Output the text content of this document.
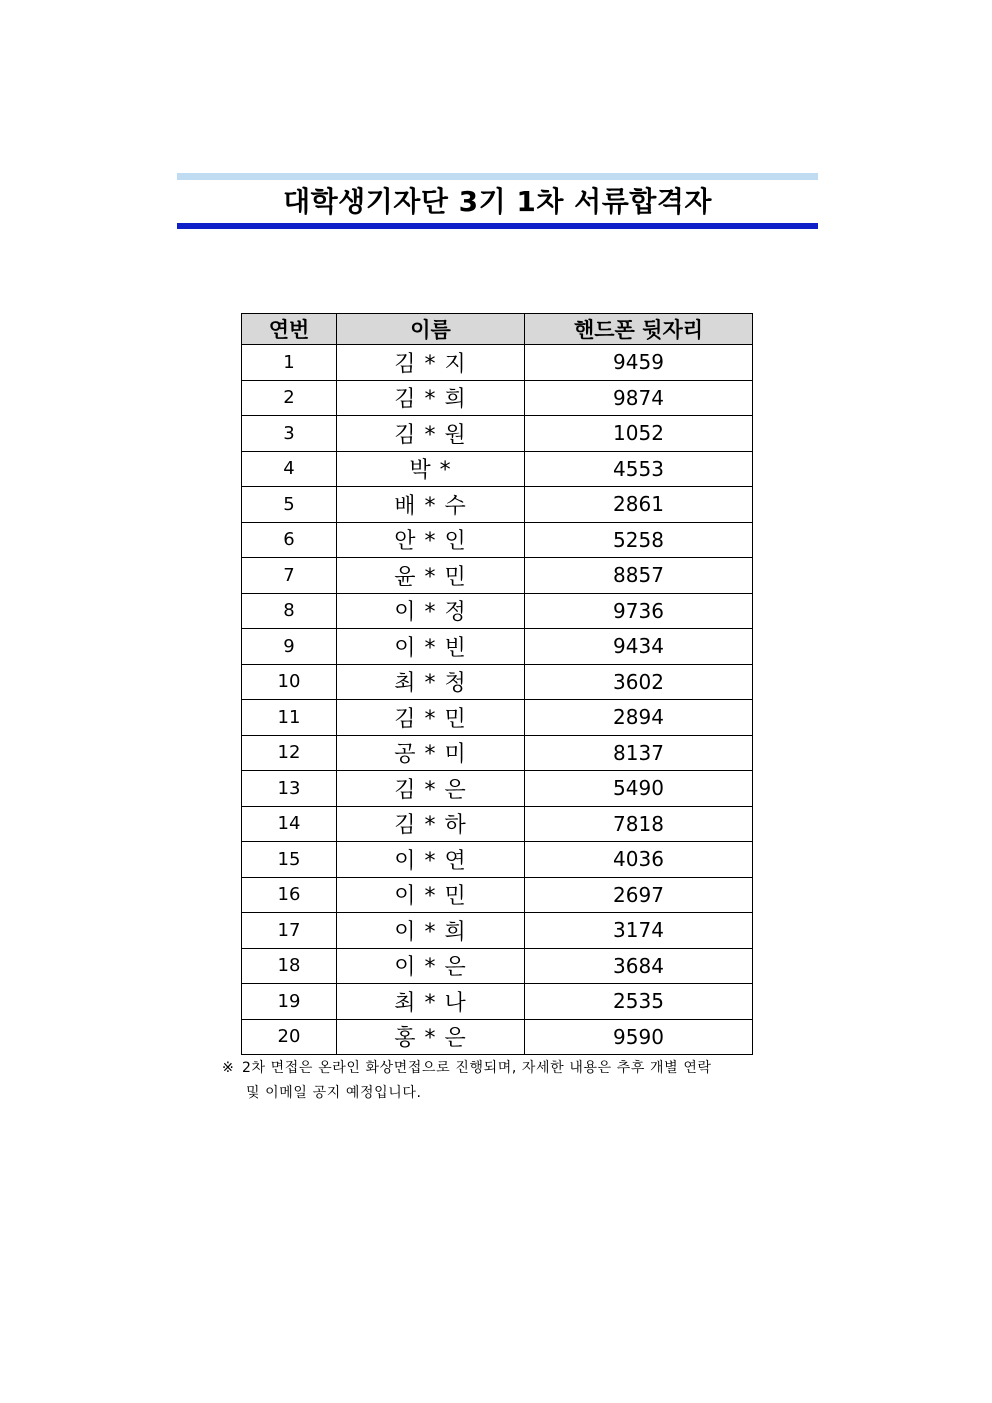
대학생기자단 3기 1차 서류합격자
연번	이름	핸드폰 뒷자리
1	김 * 지	9459
2	김 * 희	9874
3	김 * 원	1052
4	박 *	4553
5	배 * 수	2861
6	안 * 인	5258
7	윤 * 민	8857
8	이 * 정	9736
9	이 * 빈	9434
10	최 * 청	3602
11	김 * 민	2894
12	공 * 미	8137
13	김 * 은	5490
14	김 * 하	7818
15	이 * 연	4036
16	이 * 민	2697
17	이 * 희	3174
18	이 * 은	3684
19	최 * 나	2535
20	홍 * 은	9590
※ 2차 면접은 온라인 화상면접으로 진행되며, 자세한 내용은 추후 개별 연락
및 이메일 공지 예정입니다.
